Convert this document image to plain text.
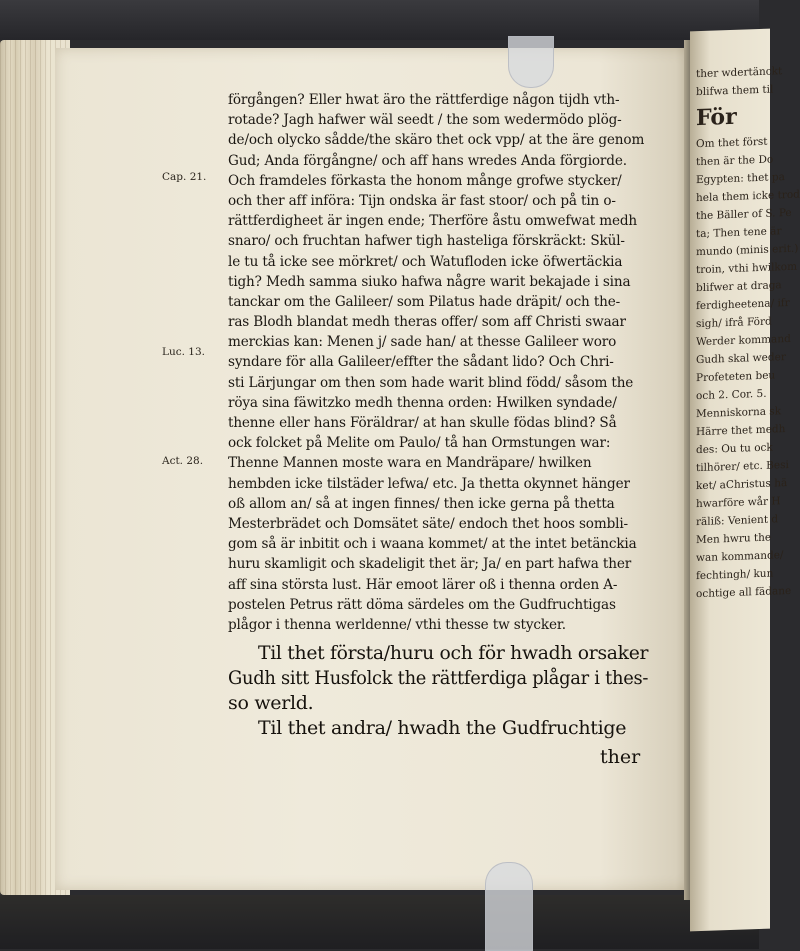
ther wdertänckt
blifwa them til
För
Om thet först
then är the Do
Egypten: thet pa
hela them icke trod
the Bäller of S. Pe
ta; Then tene är
mundo (minis erit.)
troin, vthi hwilkom
blifwer at draga
ferdigheetena/ ifr
sigh/ ifrå Förd
Werder kommand
Gudh skal weder
Profeteten beu
och 2. Cor. 5.
Menniskorna sk
Härre thet medh
des: Ou tu ock
tilhörer/ etc. Besi
ket/ aChristus hä
hwarföre wår H
räliß: Venient d
Men hwru the
wan kommande/
fechtingh/ kun
ochtige all fädane
Cap. 21.
Luc. 13.
Act. 28.
förgången? Eller hwat äro the rättferdige någon tijdh vth-
rotade? Jagh hafwer wäl seedt / the som wedermödo plög-
de/och olycko sådde/the skäro thet ock vpp/ at the äre genom
Gud; Anda förgångne/ och aff hans wredes Anda förgiorde.
Och framdeles förkasta the honom månge grofwe stycker/
och ther aff införa: Tijn ondska är fast stoor/ och på tin o-
rättferdigheet är ingen ende; Therföre åstu omwefwat medh
snaro/ och fruchtan hafwer tigh hasteliga förskräckt: Skül-
le tu tå icke see mörkret/ och Watufloden icke öfwertäckia
tigh? Medh samma siuko hafwa någre warit bekajade i sina
tanckar om the Galileer/ som Pilatus hade dräpit/ och the-
ras Blodh blandat medh theras offer/ som aff Christi swaar
merckias kan: Menen j/ sade han/ at thesse Galileer woro
syndare för alla Galileer/effter the sådant lido? Och Chri-
sti Lärjungar om then som hade warit blind född/ såsom the
röya sina fäwitzko medh thenna orden: Hwilken syndade/
thenne eller hans Föräldrar/ at han skulle födas blind? Så
ock folcket på Melite om Paulo/ tå han Ormstungen war:
Thenne Mannen moste wara en Mandräpare/ hwilken
hembden icke tilstäder lefwa/ etc. Ja thetta okynnet hänger
oß allom an/ så at ingen finnes/ then icke gerna på thetta
Mesterbrädet och Domsätet säte/ endoch thet hoos sombli-
gom så är inbitit och i waana kommet/ at the intet betänckia
huru skamligit och skadeligit thet är; Ja/ en part hafwa ther
aff sina största lust. Här emoot lärer oß i thenna orden A-
postelen Petrus rätt döma särdeles om the Gudfruchtigas
plågor i thenna werldenne/ vthi thesse tw stycker.
Til thet första/huru och för hwadh orsaker
Gudh sitt Husfolck the rättferdiga plågar i thes-
so werld.
Til thet andra/ hwadh the Gudfruchtige
ther
